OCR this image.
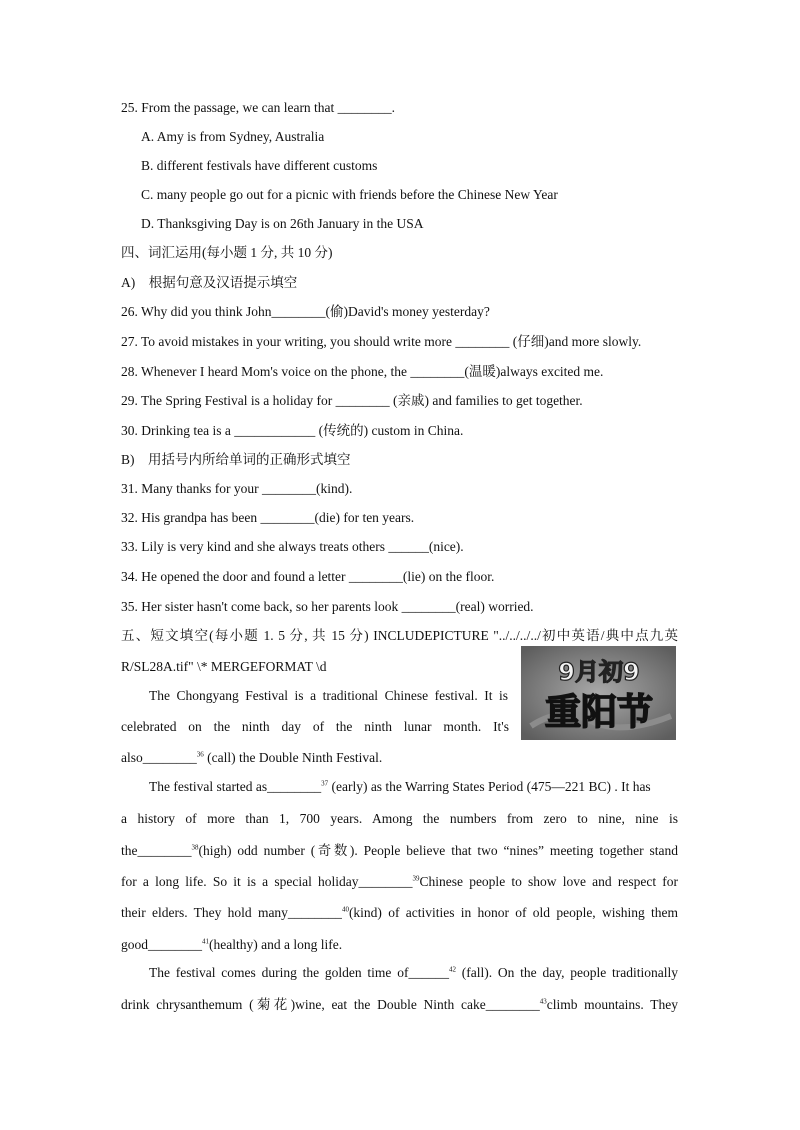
25. From the passage, we can learn that ________.
A. Amy is from Sydney, Australia
B. different festivals have different customs
C. many people go out for a picnic with friends before the Chinese New Year
D. Thanksgiving Day is on 26th January in the USA
四、词汇运用(每小题 1 分, 共 10 分)
A)　根据句意及汉语提示填空
26. Why did you think John________(偷)David's money yesterday?
27. To avoid mistakes in your writing, you should write more ________ (仔细)and more slowly.
28. Whenever I heard Mom's voice on the phone, the ________(温暖)always excited me.
29. The Spring Festival is a holiday for ________ (亲戚) and families to get together.
30. Drinking tea is a ____________ (传统的) custom in China.
B)　用括号内所给单词的正确形式填空
31. Many thanks for your ________(kind).
32. His grandpa has been ________(die) for ten years.
33. Lily is very kind and she always treats others ______(nice).
34. He opened the door and found a letter ________(lie) on the floor.
35. Her sister hasn't come back, so her parents look ________(real) worried.
五、短文填空(每小题 1. 5 分, 共 15 分) INCLUDEPICTURE "../../../../初中英语/典中点九英
R/SL28A.tif" \* MERGEFORMAT \d	9月初9
重阳节
The Chongyang Festival is a traditional Chinese festival. It is
celebrated on the ninth day of the ninth lunar month. It's
also________$^{36}$ (call) the Double Ninth Festival.
The festival started as________$^{37}$ (early) as the Warring States Period (475—221 BC) . It has
a history of more than 1, 700 years. Among the numbers from zero to nine, nine is
the________$^{38}$(high) odd number (奇数). People believe that two “nines” meeting together stand
for a long life. So it is a special holiday________$^{39}$Chinese people to show love and respect for
their elders. They hold many________$^{40}$(kind) of activities in honor of old people, wishing them
good________$^{41}$(healthy) and a long life.
The festival comes during the golden time of______$^{42}$ (fall). On the day, people traditionally
drink chrysanthemum (菊花)wine, eat the Double Ninth cake________$^{43}$climb mountains. They
